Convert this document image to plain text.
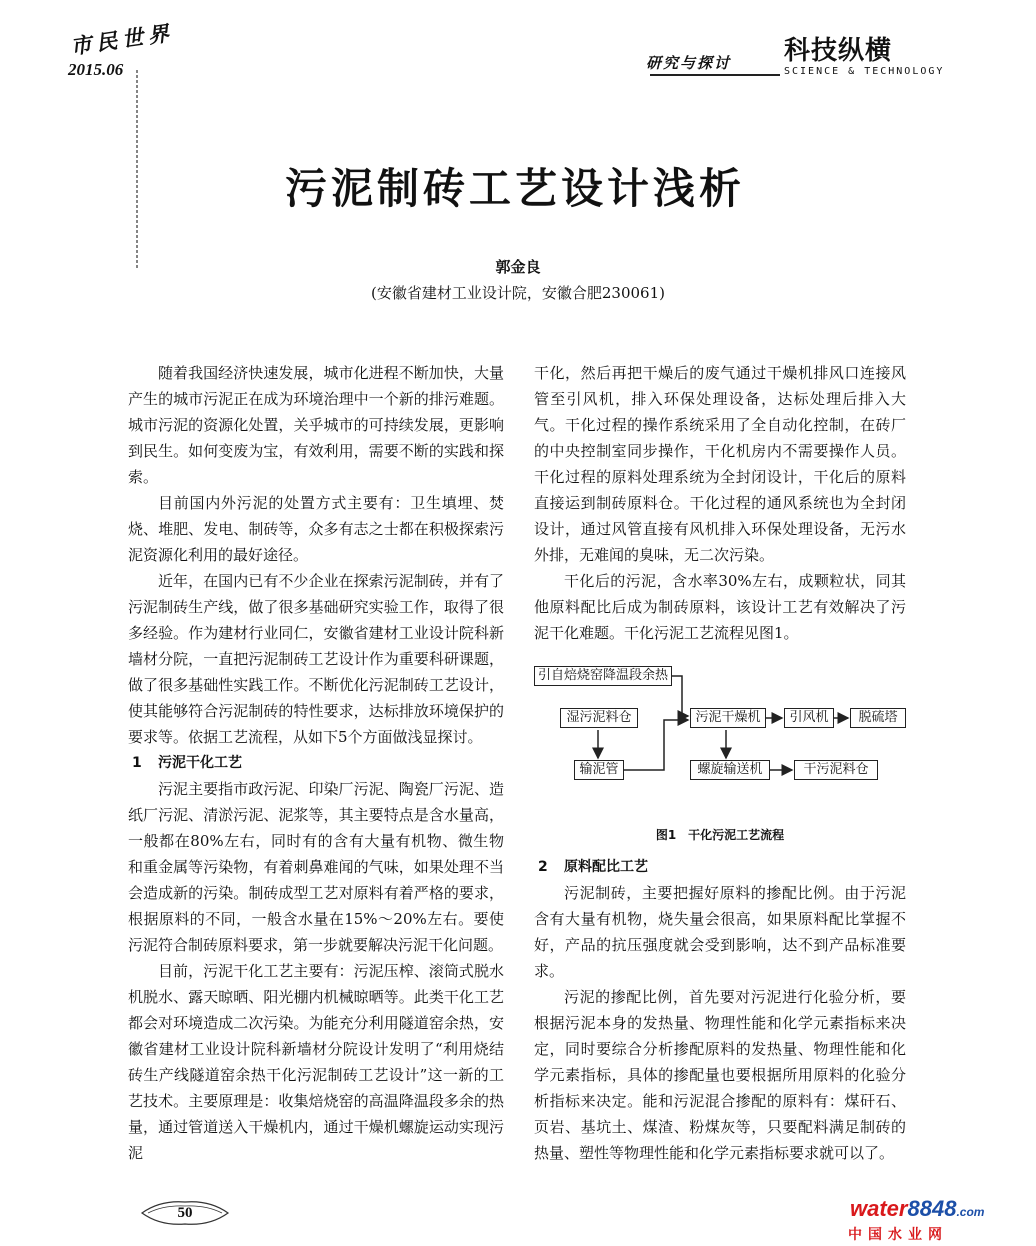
市民世界
2015.06	研究与探讨 科技纵横
SCIENCE & TECHNOLOGY
污泥制砖工艺设计浅析
郭金良
(安徽省建材工业设计院，安徽合肥230061)

随着我国经济快速发展，城市化进程不断加快，大量产生的城市污泥正在成为环境治理中一个新的排污难题。城市污泥的资源化处置，关乎城市的可持续发展，更影响到民生。如何变废为宝，有效利用，需要不断的实践和探索。

目前国内外污泥的处置方式主要有：卫生填埋、焚烧、堆肥、发电、制砖等，众多有志之士都在积极探索污泥资源化利用的最好途径。

近年，在国内已有不少企业在探索污泥制砖，并有了污泥制砖生产线，做了很多基础研究实验工作，取得了很多经验。作为建材行业同仁，安徽省建材工业设计院科新墙材分院，一直把污泥制砖工艺设计作为重要科研课题，做了很多基础性实践工作。不断优化污泥制砖工艺设计，使其能够符合污泥制砖的特性要求，达标排放环境保护的要求等。依据工艺流程，从如下5个方面做浅显探讨。

1 污泥干化工艺

污泥主要指市政污泥、印染厂污泥、陶瓷厂污泥、造纸厂污泥、清淤污泥、泥浆等，其主要特点是含水量高，一般都在80%左右，同时有的含有大量有机物、微生物和重金属等污染物，有着刺鼻难闻的气味，如果处理不当会造成新的污染。制砖成型工艺对原料有着严格的要求，根据原料的不同，一般含水量在15%～20%左右。要使污泥符合制砖原料要求，第一步就要解决污泥干化问题。

目前，污泥干化工艺主要有：污泥压榨、滚筒式脱水机脱水、露天晾晒、阳光棚内机械晾晒等。此类干化工艺都会对环境造成二次污染。为能充分利用隧道窑余热，安徽省建材工业设计院科新墙材分院设计发明了“利用烧结砖生产线隧道窑余热干化污泥制砖工艺设计”这一新的工艺技术。主要原理是：收集焙烧窑的高温降温段多余的热量，通过管道送入干燥机内，通过干燥机螺旋运动实现污泥

干化，然后再把干燥后的废气通过干燥机排风口连接风管至引风机，排入环保处理设备，达标处理后排入大气。干化过程的操作系统采用了全自动化控制，在砖厂的中央控制室同步操作，干化机房内不需要操作人员。干化过程的原料处理系统为全封闭设计，干化后的原料直接运到制砖原料仓。干化过程的通风系统也为全封闭设计，通过风管直接有风机排入环保处理设备，无污水外排，无难闻的臭味，无二次污染。

干化后的污泥，含水率30%左右，成颗粒状，同其他原料配比后成为制砖原料，该设计工艺有效解决了污泥干化难题。干化污泥工艺流程见图1。

引自焙烧窑降温段余热
湿污泥料仓	污泥干燥机	引风机	脱硫塔
输泥管	螺旋输送机	干污泥料仓

图1　干化污泥工艺流程

2 原料配比工艺

污泥制砖，主要把握好原料的掺配比例。由于污泥含有大量有机物，烧失量会很高，如果原料配比掌握不好，产品的抗压强度就会受到影响，达不到产品标准要求。

污泥的掺配比例，首先要对污泥进行化验分析，要根据污泥本身的发热量、物理性能和化学元素指标来决定，同时要综合分析掺配原料的发热量、物理性能和化学元素指标，具体的掺配量也要根据所用原料的化验分析指标来决定。能和污泥混合掺配的原料有：煤矸石、页岩、基坑土、煤渣、粉煤灰等，只要配料满足制砖的热量、塑性等物理性能和化学元素指标要求就可以了。

50	water8848.com
中国水业网
